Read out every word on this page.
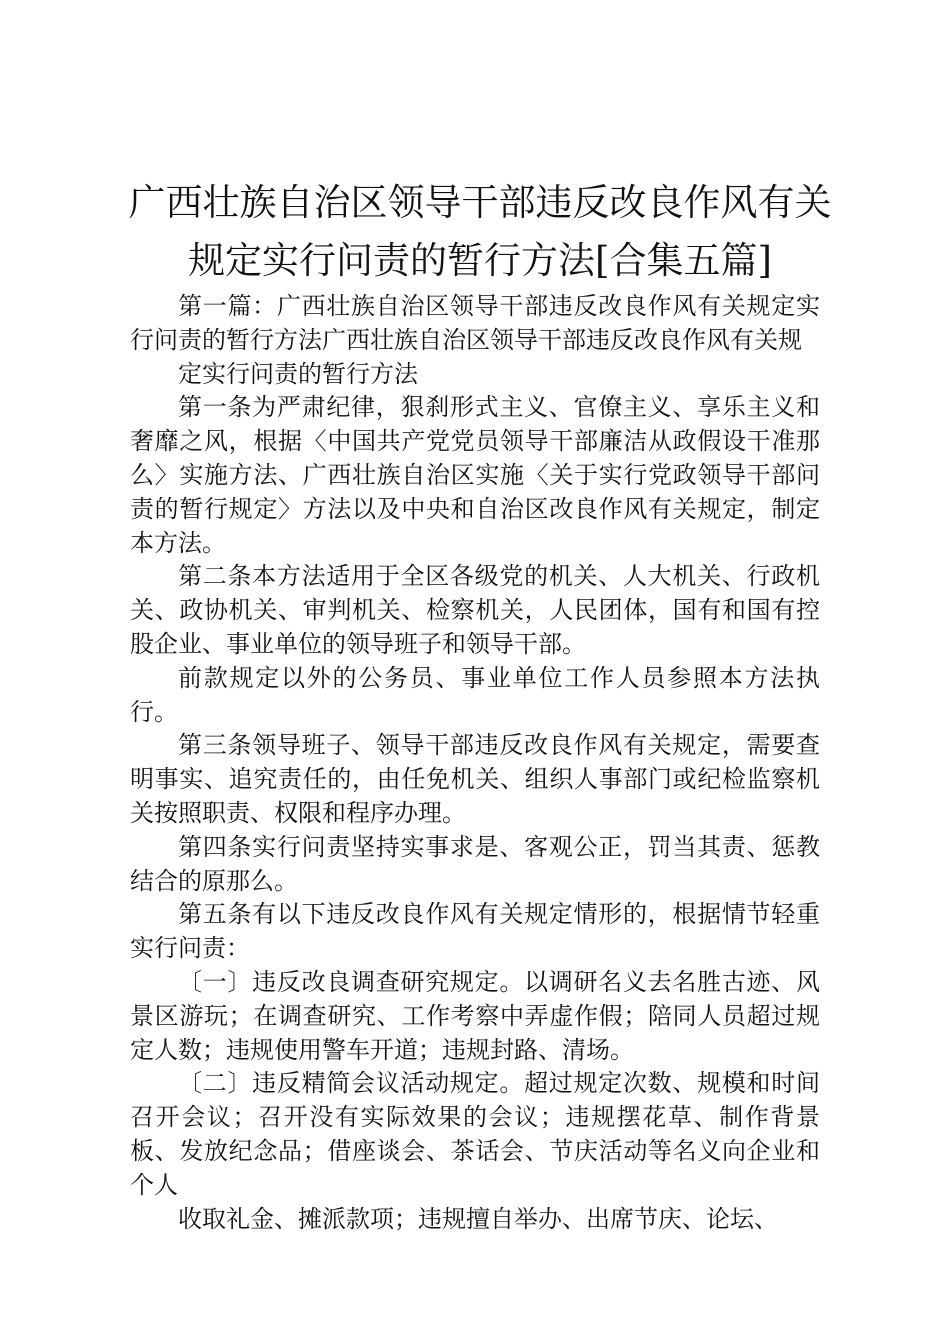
广西壮族自治区领导干部违反改良作风有关规定实行问责的暂行方法[合集五篇]

第一篇：广西壮族自治区领导干部违反改良作风有关规定实行问责的暂行方法广西壮族自治区领导干部违反改良作风有关规

定实行问责的暂行方法

第一条为严肃纪律，狠刹形式主义、官僚主义、享乐主义和奢靡之风，根据〈中国共产党党员领导干部廉洁从政假设干准那么〉实施方法、广西壮族自治区实施〈关于实行党政领导干部问责的暂行规定〉方法以及中央和自治区改良作风有关规定，制定本方法。

第二条本方法适用于全区各级党的机关、人大机关、行政机关、政协机关、审判机关、检察机关，人民团体，国有和国有控股企业、事业单位的领导班子和领导干部。

前款规定以外的公务员、事业单位工作人员参照本方法执行。

第三条领导班子、领导干部违反改良作风有关规定，需要查明事实、追究责任的，由任免机关、组织人事部门或纪检监察机关按照职责、权限和程序办理。

第四条实行问责坚持实事求是、客观公正，罚当其责、惩教结合的原那么。

第五条有以下违反改良作风有关规定情形的，根据情节轻重实行问责：

〔一〕违反改良调查研究规定。以调研名义去名胜古迹、风景区游玩；在调查研究、工作考察中弄虚作假；陪同人员超过规定人数；违规使用警车开道；违规封路、清场。

〔二〕违反精简会议活动规定。超过规定次数、规模和时间召开会议；召开没有实际效果的会议；违规摆花草、制作背景板、发放纪念品；借座谈会、茶话会、节庆活动等名义向企业和个人

收取礼金、摊派款项；违规擅自举办、出席节庆、论坛、
